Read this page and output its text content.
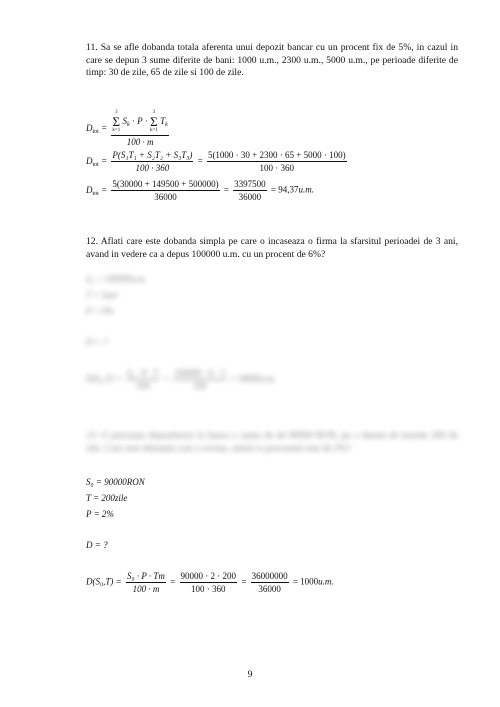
11. Sa se afle dobanda totala aferenta unui depozit bancar cu un procent fix de 5%, in cazul in care se depun 3 sume diferite de bani: 1000 u.m., 2300 u.m., 5000 u.m., pe perioade diferite de timp: 30 de zile, 65 de zile si 100 de zile.
$D_{tot} = 3$
Σ
k=1
$S_k \cdot P$ ·
3
Σ
k=1
$T_k$
100 · m
$D_{tot} = \frac{\text{P(S₁T₁ + S₂T₂ + S₃T₃)}}{100 \cdot 360} = \frac{5(1000 \cdot 30 + 2300 \cdot 65 + 5000 \cdot 100)}{100 \cdot 360}$
$D_{tot} = \frac{5(30000 + 149500 + 500000)}{36000} = \frac{3397500}{36000} = 94,37u.m$.
12. Aflati care este dobanda simpla pe care o incaseaza o firma la sfarsitul perioadei de 3 ani, avand in vedere ca a depus 100000 u.m. cu un procent de 6%?
S₀ = 100000u.m.
T = 3ani
P = 6%
D = ?
$D(S_0,T) = \frac{\text{S₀ · P · T}}{100} = \frac{100000 \cdot 6 \cdot 3}{100} = 18000u.m$.
13. O persoana depoziteaza la banca o suma de de 90000 RON, pe o durata de maxim 200 de zile. Care este dobanda care o revine, stiind ca procentul este de 2%?
S₀ = 90000RON
T = 200zile
P = 2%
D = ?
$D(S_0,T) = \frac{\text{S₀ · P · Tm}}{100 \cdot m} = \frac{90000 \cdot 2 \cdot 200}{100 \cdot 360} = \frac{36000000}{36000} = 1000u.m$.
9
